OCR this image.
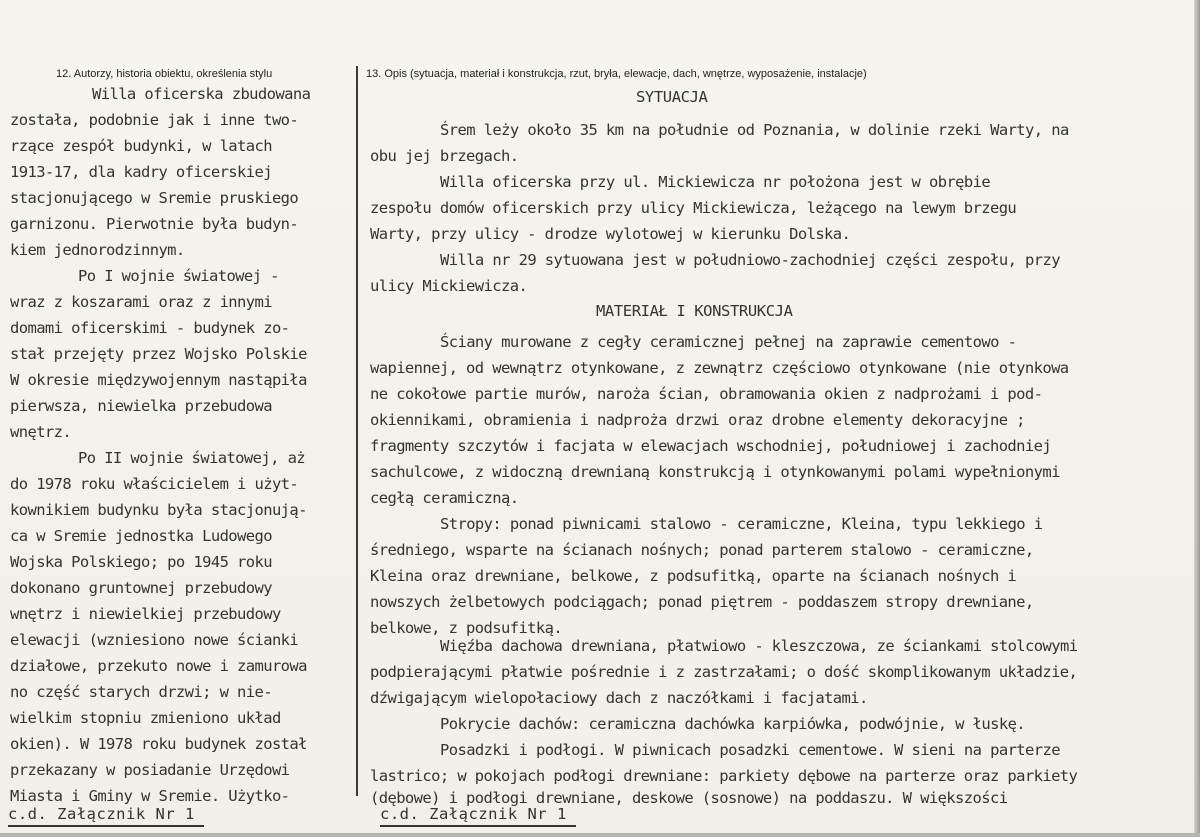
12. Autorzy, historia obiektu, określenia stylu	13. Opis (sytuacja, materiał i konstrukcja, rzut, bryła, elewacje, dach, wnętrze, wyposażenie, instalacje)
Willa oficerska zbudowana
została, podobnie jak i inne two-
rzące zespół budynki, w latach
1913-17, dla kadry oficerskiej
stacjonującego w Sremie pruskiego
garnizonu. Pierwotnie była budyn-
kiem jednorodzinnym.
Po I wojnie światowej -
wraz z koszarami oraz z innymi
domami oficerskimi - budynek zo-
stał przejęty przez Wojsko Polskie
W okresie międzywojennym nastąpiła
pierwsza, niewielka przebudowa
wnętrz.
Po II wojnie światowej, aż
do 1978 roku właścicielem i użyt-
kownikiem budynku była stacjonują-
ca w Sremie jednostka Ludowego
Wojska Polskiego; po 1945 roku
dokonano gruntownej przebudowy
wnętrz i niewielkiej przebudowy
elewacji (wzniesiono nowe ścianki
działowe, przekuto nowe i zamurowa
no część starych drzwi; w nie-
wielkim stopniu zmieniono układ
okien). W 1978 roku budynek został
przekazany w posiadanie Urzędowi
Miasta i Gminy w Sremie. Użytko-
SYTUACJA
Śrem leży około 35 km na południe od Poznania, w dolinie rzeki Warty, na
obu jej brzegach.
Willa oficerska przy ul. Mickiewicza nr położona jest w obrębie
zespołu domów oficerskich przy ulicy Mickiewicza, leżącego na lewym brzegu
Warty, przy ulicy - drodze wylotowej w kierunku Dolska.
Willa nr 29 sytuowana jest w południowo-zachodniej części zespołu, przy
ulicy Mickiewicza.
MATERIAŁ I KONSTRUKCJA
Ściany murowane z cegły ceramicznej pełnej na zaprawie cementowo -
wapiennej, od wewnątrz otynkowane, z zewnątrz częściowo otynkowane (nie otynkowa
ne cokołowe partie murów, naroża ścian, obramowania okien z nadprożami i pod-
okiennikami, obramienia i nadproża drzwi oraz drobne elementy dekoracyjne ;
fragmenty szczytów i facjata w elewacjach wschodniej, południowej i zachodniej
sachulcowe, z widoczną drewnianą konstrukcją i otynkowanymi polami wypełnionymi
cegłą ceramiczną.
Stropy: ponad piwnicami stalowo - ceramiczne, Kleina, typu lekkiego i
średniego, wsparte na ścianach nośnych; ponad parterem stalowo - ceramiczne,
Kleina oraz drewniane, belkowe, z podsufitką, oparte na ścianach nośnych i
nowszych żelbetowych podciągach; ponad piętrem - poddaszem stropy drewniane,
belkowe, z podsufitką.
Więźba dachowa drewniana, płatwiowo - kleszczowa, ze ściankami stolcowymi
podpierającymi płatwie pośrednie i z zastrzałami; o dość skomplikowanym układzie,
dźwigającym wielopołaciowy dach z naczółkami i facjatami.
Pokrycie dachów: ceramiczna dachówka karpiówka, podwójnie, w łuskę.
Posadzki i podłogi. W piwnicach posadzki cementowe. W sieni na parterze
lastrico; w pokojach podłogi drewniane: parkiety dębowe na parterze oraz parkiety
(dębowe) i podłogi drewniane, deskowe (sosnowe) na poddaszu. W większości
c.d. Załącznik Nr 1	c.d. Załącznik Nr 1
